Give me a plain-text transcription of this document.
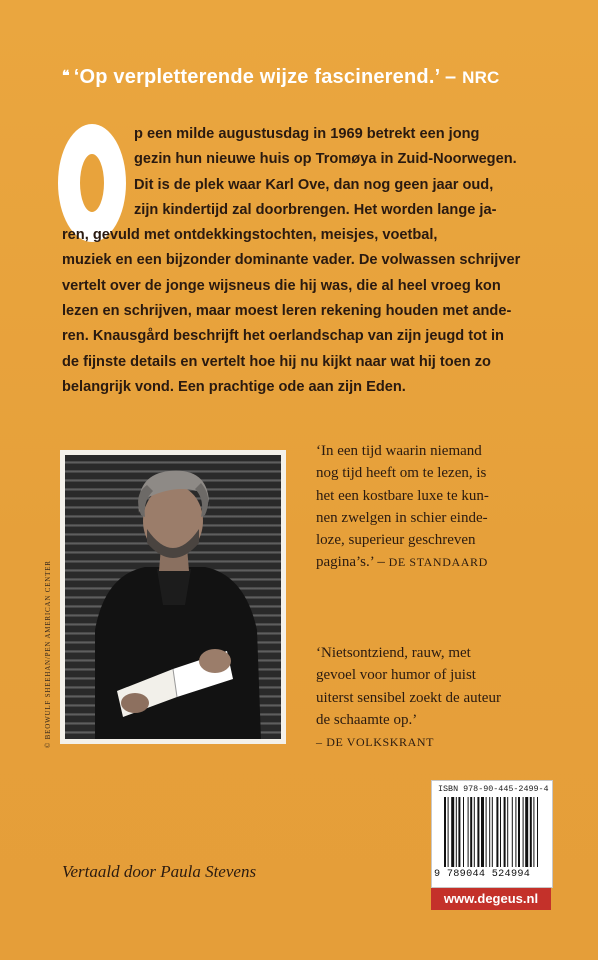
❝ ‘Op verpletterende wijze fascinerend.’ – NRC
p een milde augustusdag in 1969 betrekt een jong
gezin hun nieuwe huis op Tromøya in Zuid-Noorwegen.
Dit is de plek waar Karl Ove, dan nog geen jaar oud,
zijn kindertijd zal doorbrengen. Het worden lange ja-
ren, gevuld met ontdekkingstochten, meisjes, voetbal,
muziek en een bijzonder dominante vader. De volwassen schrijver
vertelt over de jonge wijsneus die hij was, die al heel vroeg kon
lezen en schrijven, maar moest leren rekening houden met ande-
ren. Knausgård beschrijft het oerlandschap van zijn jeugd tot in
de fijnste details en vertelt hoe hij nu kijkt naar wat hij toen zo
belangrijk vond. Een prachtige ode aan zijn Eden.
© BEOWULF SHEEHAN/PEN AMERICAN CENTER
‘In een tijd waarin niemand
nog tijd heeft om te lezen, is
het een kostbare luxe te kun-
nen zwelgen in schier einde-
loze, superieur geschreven
pagina’s.’ – DE STANDAARD
‘Nietsontziend, rauw, met
gevoel voor humor of juist
uiterst sensibel zoekt de auteur
de schaamte op.’
– DE VOLKSKRANT
ISBN 978-90-445-2499-4
9 789044 524994
www.degeus.nl
Vertaald door Paula Stevens
